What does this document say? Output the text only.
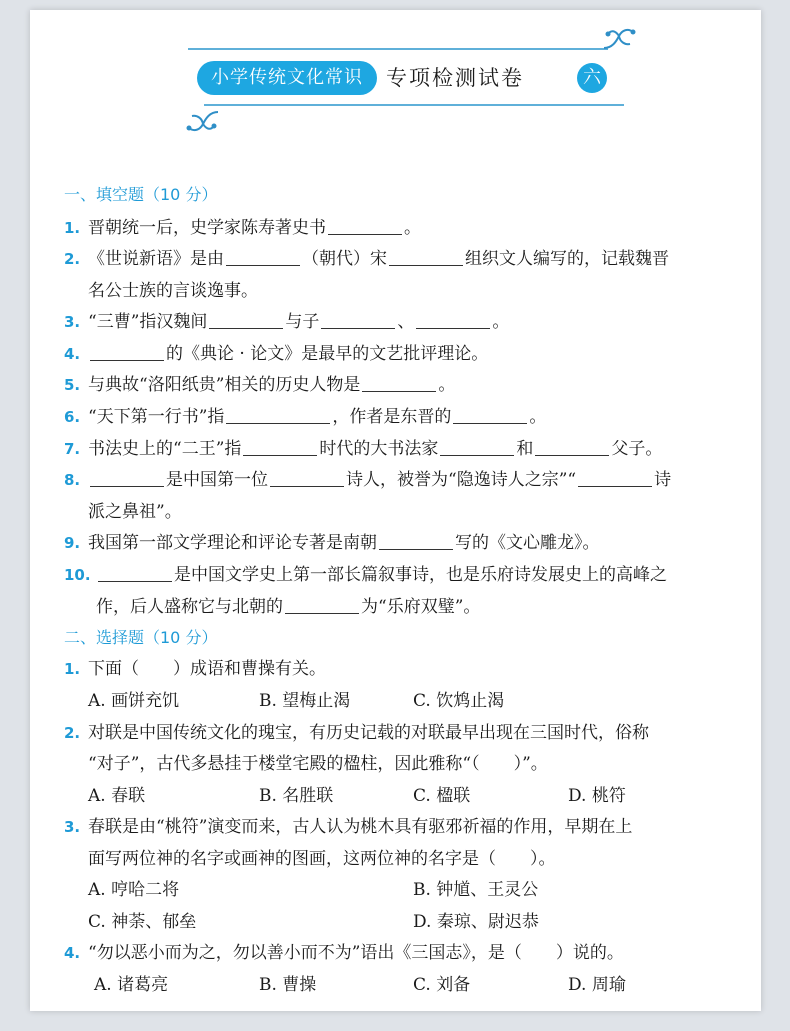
小学传统文化常识	专项检测试卷	六
一、填空题（10 分）
1. 晋朝统一后，史学家陈寿著史书	。
2. 《世说新语》是由	（朝代）宋	组织文人编写的，记载魏晋
名公士族的言谈逸事。
3. “三曹”指汉魏间	与子	、	。
4.	的《典论 · 论文》是最早的文艺批评理论。
5. 与典故“洛阳纸贵”相关的历史人物是	。
6. “天下第一行书”指	，作者是东晋的	。
7. 书法史上的“二王”指	时代的大书法家	和	父子。
8.	是中国第一位	诗人，被誉为“隐逸诗人之宗”“	诗
派之鼻祖”。
9. 我国第一部文学理论和评论专著是南朝	写的《文心雕龙》。
10.	是中国文学史上第一部长篇叙事诗，也是乐府诗发展史上的高峰之
作，后人盛称它与北朝的	为“乐府双璧”。
二、选择题（10 分）
1. 下面（　　）成语和曹操有关。
A. 画饼充饥	B. 望梅止渴	C. 饮鸩止渴
2. 对联是中国传统文化的瑰宝，有历史记载的对联最早出现在三国时代，俗称
“对子”，古代多悬挂于楼堂宅殿的楹柱，因此雅称“（　　）”。
A. 春联	B. 名胜联	C. 楹联	D. 桃符
3. 春联是由“桃符”演变而来，古人认为桃木具有驱邪祈福的作用，早期在上
面写两位神的名字或画神的图画，这两位神的名字是（　　）。
A. 哼哈二将	B. 钟馗、王灵公
C. 神荼、郁垒	D. 秦琼、尉迟恭
4. “勿以恶小而为之，勿以善小而不为”语出《三国志》，是（　　）说的。
A. 诸葛亮	B. 曹操	C. 刘备	D. 周瑜
